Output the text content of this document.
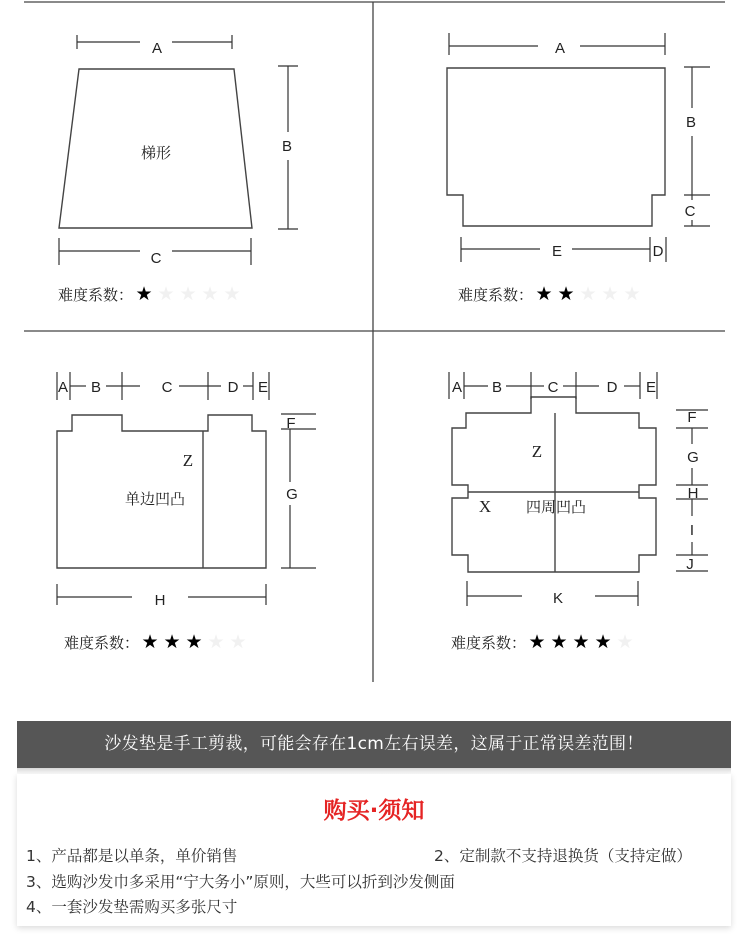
A
B
C
梯形
A
B
C
E	D
A B	C	D E
F
G
H
Z
单边凹凸
A B	C	D E
F
G
H
I
J
K
Z
X 四周凹凸
难度系数： ★ ★ ★ ★ ★	难度系数： ★ ★ ★ ★ ★
难度系数： ★ ★ ★ ★ ★	难度系数： ★ ★ ★ ★ ★
沙发垫是手工剪裁，可能会存在1cm左右误差，这属于正常误差范围！
购买·须知
1、产品都是以单条，单价销售	2、定制款不支持退换货（支持定做）
3、选购沙发巾多采用“宁大务小”原则，大些可以折到沙发侧面
4、一套沙发垫需购买多张尺寸
